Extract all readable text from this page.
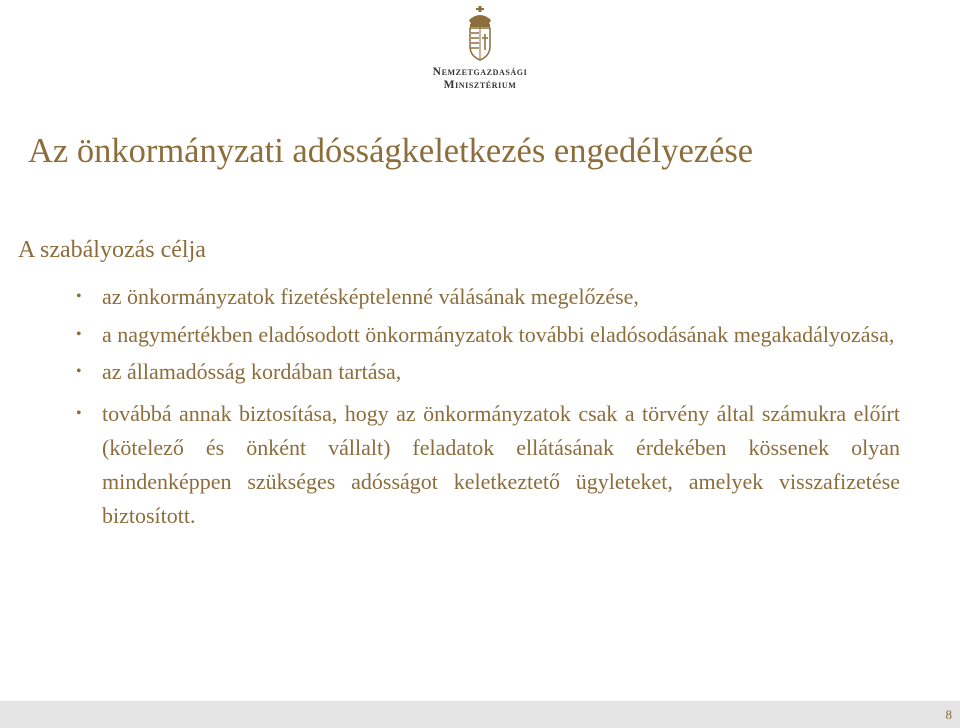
Nemzetgazdasági
Minisztérium
Az önkormányzati adósságkeletkezés engedélyezése
A szabályozás célja
• az önkormányzatok fizetésképtelenné válásának megelőzése,
• a nagymértékben eladósodott önkormányzatok további eladósodásának megakadályozása,
• az államadósság kordában tartása,
• továbbá annak biztosítása, hogy az önkormányzatok csak a törvény által számukra előírt (kötelező és önként vállalt) feladatok ellátásának érdekében kössenek olyan mindenképpen szükséges adósságot keletkeztető ügyleteket, amelyek visszafizetése biztosított.
8
